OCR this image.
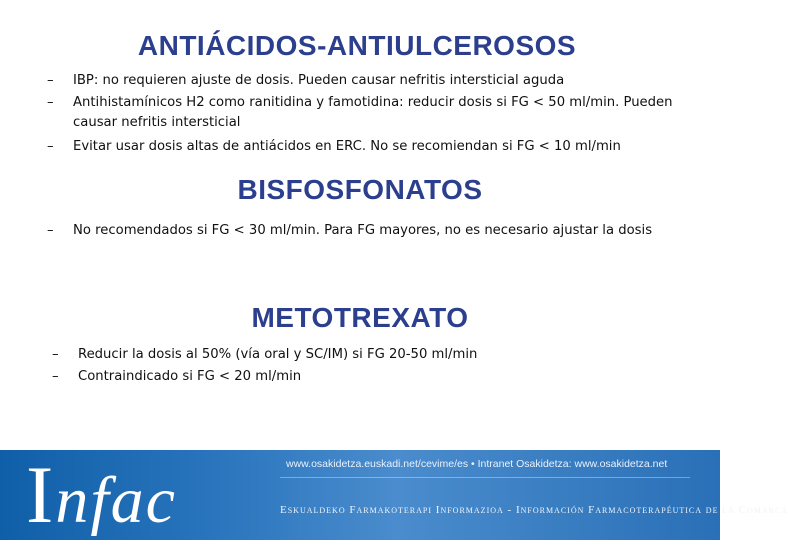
ANTIÁCIDOS-ANTIULCEROSOS
– IBP: no requieren ajuste de dosis. Pueden causar nefritis intersticial aguda
– Antihistamínicos H2 como ranitidina y famotidina: reducir dosis si FG < 50 ml/min. Pueden causar nefritis intersticial
– Evitar usar dosis altas de antiácidos en ERC. No se recomiendan si FG < 10 ml/min
BISFOSFONATOS
– No recomendados si FG < 30 ml/min. Para FG mayores, no es necesario ajustar la dosis
METOTREXATO
– Reducir la dosis al 50% (vía oral y SC/IM) si FG 20-50 ml/min
– Contraindicado si FG < 20 ml/min
Infac	www.osakidetza.euskadi.net/cevime/es • Intranet Osakidetza: www.osakidetza.net
Eskualdeko Farmakoterapi Informazioa - Información Farmacoterapéutica de la Comarca
